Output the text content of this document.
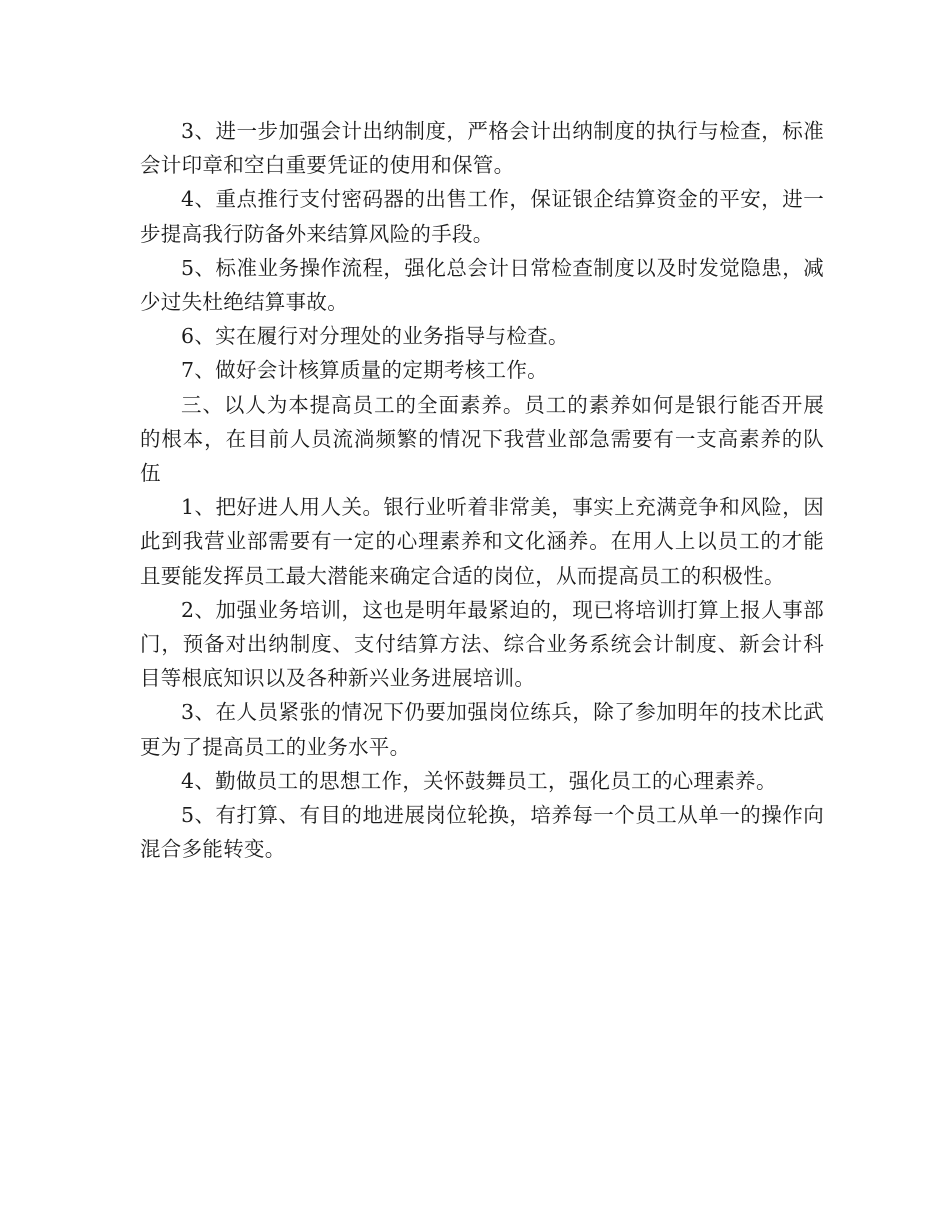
3、进一步加强会计出纳制度，严格会计出纳制度的执行与检查，标准会计印章和空白重要凭证的使用和保管。

4、重点推行支付密码器的出售工作，保证银企结算资金的平安，进一步提高我行防备外来结算风险的手段。

5、标准业务操作流程，强化总会计日常检查制度以及时发觉隐患，减少过失杜绝结算事故。

6、实在履行对分理处的业务指导与检查。

7、做好会计核算质量的定期考核工作。

三、以人为本提高员工的全面素养。员工的素养如何是银行能否开展的根本，在目前人员流淌频繁的情况下我营业部急需要有一支高素养的队伍

1、把好进人用人关。银行业听着非常美，事实上充满竞争和风险，因此到我营业部需要有一定的心理素养和文化涵养。在用人上以员工的才能且要能发挥员工最大潜能来确定合适的岗位，从而提高员工的积极性。

2、加强业务培训，这也是明年最紧迫的，现已将培训打算上报人事部门，预备对出纳制度、支付结算方法、综合业务系统会计制度、新会计科目等根底知识以及各种新兴业务进展培训。

3、在人员紧张的情况下仍要加强岗位练兵，除了参加明年的技术比武更为了提高员工的业务水平。

4、勤做员工的思想工作，关怀鼓舞员工，强化员工的心理素养。

5、有打算、有目的地进展岗位轮换，培养每一个员工从单一的操作向混合多能转变。
